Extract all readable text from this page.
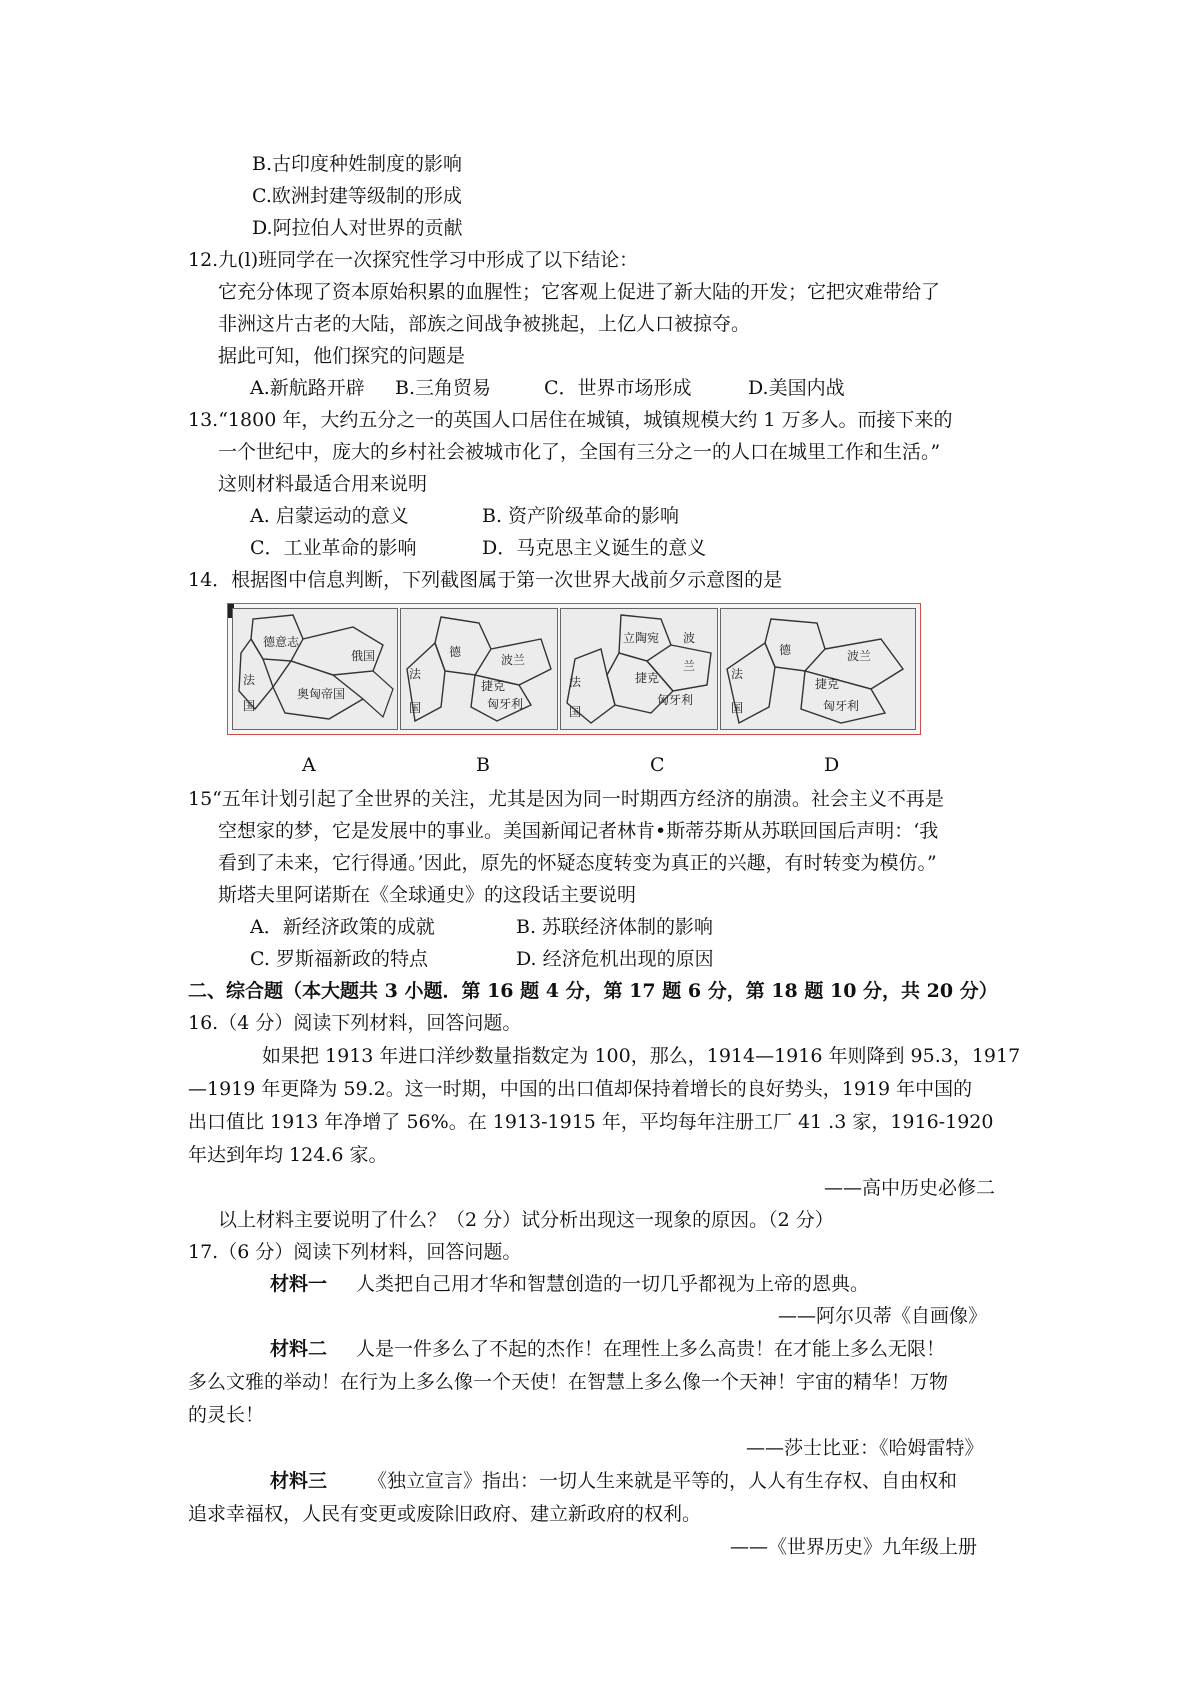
B.古印度种姓制度的影响
C.欧洲封建等级制的形成
D.阿拉伯人对世界的贡献
12.九(l)班同学在一次探究性学习中形成了以下结论：
它充分体现了资本原始积累的血腥性；它客观上促进了新大陆的开发；它把灾难带给了
非洲这片古老的大陆，部族之间战争被挑起，上亿人口被掠夺。
据此可知，他们探究的问题是
A.新航路开辟 B.三角贸易	C．世界市场形成	D.美国内战
13.“1800 年，大约五分之一的英国人口居住在城镇，城镇规模大约 1 万多人。而接下来的
一个世纪中，庞大的乡村社会被城市化了，全国有三分之一的人口在城里工作和生活。”
这则材料最适合用来说明
A. 启蒙运动的意义	B. 资产阶级革命的影响
C．工业革命的影响	D．马克思主义诞生的意义
14．根据图中信息判断，下列截图属于第一次世界大战前夕示意图的是
德意志
俄国
法
国
奥匈帝国
德
法
国
波兰
捷克
匈牙利
立陶宛 波
兰
法
国
捷克
匈牙利
德
法
国
波兰
捷克
匈牙利
A	B	C	D
15“五年计划引起了全世界的关注，尤其是因为同一时期西方经济的崩溃。社会主义不再是
空想家的梦，它是发展中的事业。美国新闻记者林肯•斯蒂芬斯从苏联回国后声明：‘我
看到了未来，它行得通。’因此，原先的怀疑态度转变为真正的兴趣，有时转变为模仿。”
斯塔夫里阿诺斯在《全球通史》的这段话主要说明
A．新经济政策的成就	B. 苏联经济体制的影响
C. 罗斯福新政的特点	D. 经济危机出现的原因
二、综合题（本大题共 3 小题．第 16 题 4 分，第 17 题 6 分，第 18 题 10 分，共 20 分）
16.（4 分）阅读下列材料，回答问题。
如果把 1913 年进口洋纱数量指数定为 100，那么，1914—1916 年则降到 95.3，1917
—1919 年更降为 59.2。这一时期，中国的出口值却保持着增长的良好势头，1919 年中国的
出口值比 1913 年净增了 56%。在 1913-1915 年，平均每年注册工厂 41 .3 家，1916-1920
年达到年均 124.6 家。
——高中历史必修二
以上材料主要说明了什么？（2 分）试分析出现这一现象的原因。（2 分）
17.（6 分）阅读下列材料，回答问题。
材料一 人类把自己用才华和智慧创造的一切几乎都视为上帝的恩典。
——阿尔贝蒂《自画像》
材料二 人是一件多么了不起的杰作！在理性上多么高贵！在才能上多么无限！
多么文雅的举动！在行为上多么像一个天使！在智慧上多么像一个天神！宇宙的精华！万物
的灵长！
——莎士比亚：《哈姆雷特》
材料三 《独立宣言》指出：一切人生来就是平等的，人人有生存权、自由权和
追求幸福权，人民有变更或废除旧政府、建立新政府的权利。
——《世界历史》九年级上册
